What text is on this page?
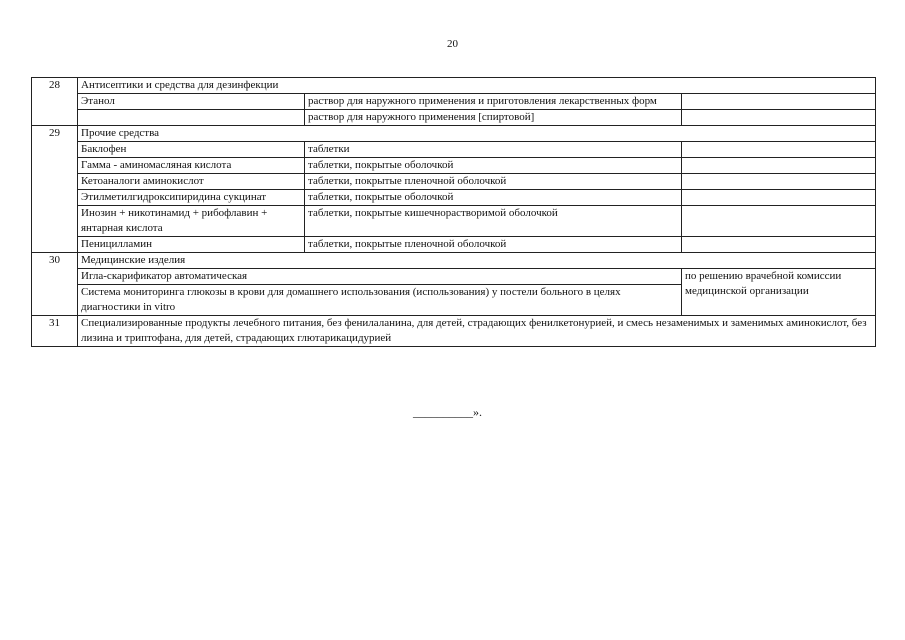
20
28	Антисептики и средства для дезинфекции		
	Этанол	раствор для наружного применения и приготовления лекарственных форм	
		раствор для наружного применения [спиртовой]	
29	Прочие средства		
	Баклофен	таблетки	
	Гамма - аминомасляная кислота	таблетки, покрытые оболочкой	
	Кетоаналоги аминокислот	таблетки, покрытые пленочной оболочкой	
	Этилметилгидроксипиридина сукцинат	таблетки, покрытые оболочкой	
	Инозин + никотинамид + рибофлавин + янтарная кислота	таблетки, покрытые кишечнорастворимой оболочкой	
	Пеницилламин	таблетки, покрытые пленочной оболочкой	
30	Медицинские изделия		
	Игла-скарификатор автоматическая		по решению врачебной комиссии медицинской организации
	Система мониторинга глюкозы в крови для домашнего использования (использования) у постели больного в целях диагностики in vitro		
31	Специализированные продукты лечебного питания, без фенилаланина, для детей, страдающих фенилкетонурией, и смесь незаменимых и заменимых аминокислот, без лизина и триптофана, для детей, страдающих глютарикацидурией		
__________».
